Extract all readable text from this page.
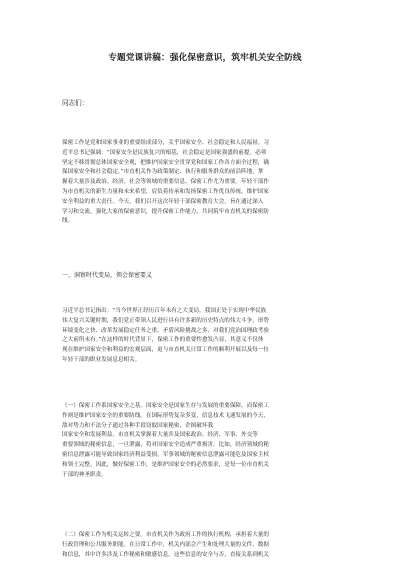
专题党课讲稿：强化保密意识，筑牢机关安全防线
同志们：
保密工作是党和国家事业的重要组成部分，关乎国家安全、社会稳定和人民福祉。习
近平总书记强调：“国家安全是民族复兴的根基，社会稳定是国家强盛的前提。必须
坚定不移贯彻总体国家安全观，把维护国家安全贯穿党和国家工作各方面全过程，确
保国家安全和社会稳定。”市直机关作为政策制定、执行和服务群众的前沿阵地，掌
握着大量涉及政治、经济、社会等领域的重要信息，保密工作尤为重要。年轻干部作
为市直机关的新生力量和未来希望，肩负着传承和发扬保密工作优良传统、维护国家
安全利益的重大责任。今天，我们召开这次年轻干部保密教育大会，旨在通过深入
学习和交流，强化大家的保密意识，提升保密工作能力，共同筑牢市直机关的保密防
线。
一、洞察时代变局，领会保密要义
习近平总书记指出：“当今世界正经历百年未有之大变局，我国正处于实现中华民族
伟大复兴关键时期，我们党正带领人民进行具有许多新的历史特点的伟大斗争，形势
环境变化之快、改革发展稳定任务之重、矛盾风险挑战之多、对我们党治国理政考验
之大前所未有。”在这样的时代背景下，保密工作的重要性愈发凸显，其意义不仅体
现在维护国家安全和利益的宏观层面，更与市直机关日常工作的顺利开展以及每一位
年轻干部的职业发展息息相关。
（一）保密工作系国家安全之基。国家安全是国家生存与发展的重要保障，而保密工
作则是维护国家安全的重要防线。在国际形势复杂多变，信息技术飞速发展的今天，
敌对势力和不法分子通过各种手段窃取国家秘密，企图破坏我
国家安全和发展利益。市直机关掌握着大量涉及国家政治、经济、军事、外交等
重要领域的秘密信息，一旦泄露，将对国家安全造成严重损害。比如，经济领域的秘
密信息泄露可能导致国家经济利益受损，军事领域的秘密信息泄露可能危及国家主权
和领土完整。因此，做好保密工作，是维护国家安全的必然要求，是每一位市直机关
干部的神圣职责。
（二）保密工作为机关运转之要。市直机关作为政府工作的执行机构，承担着大量的
行政管理和公共服务职能。在日常工作中，机关内部会产生和处理大量的文件、数据
和信息，其中许多涉及工作秘密和敏感信息。这些信息的安全与否，直接关系到机关
